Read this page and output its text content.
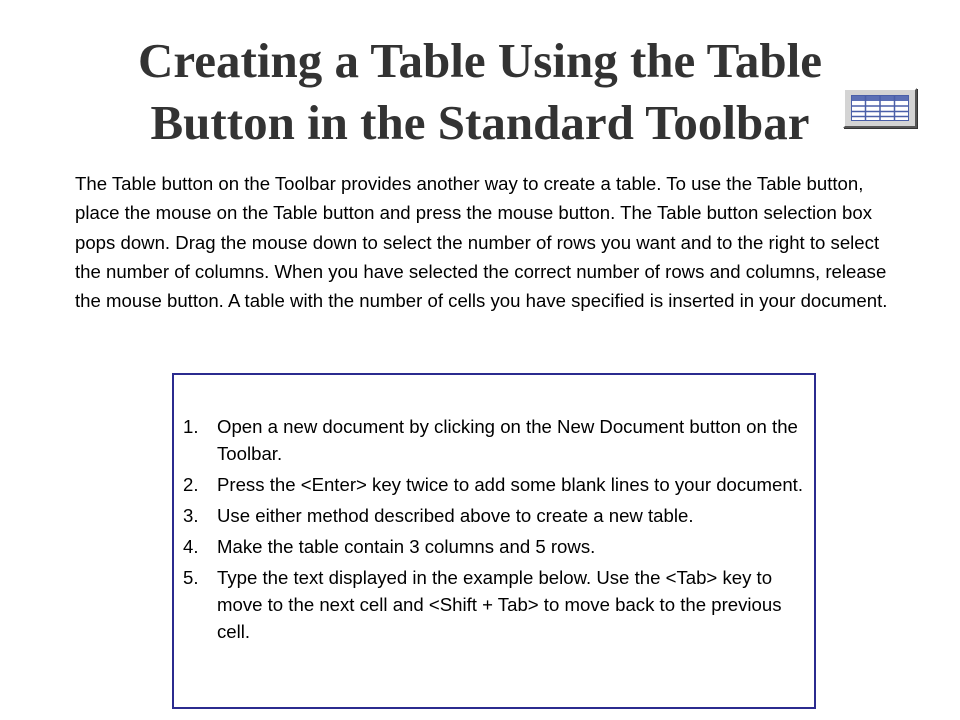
Creating a Table Using the Table
Button in the Standard Toolbar

The Table button on the Toolbar provides another way to create a table. To use the Table button, place the mouse on the Table button and press the mouse button. The Table button selection box pops down. Drag the mouse down to select the number of rows you want and to the right to select the number of columns. When you have selected the correct number of rows and columns, release the mouse button. A table with the number of cells you have specified is inserted in your document.

1. Open a new document by clicking on the New Document button on the Toolbar.
2. Press the <Enter> key twice to add some blank lines to your document.
3. Use either method described above to create a new table.
4. Make the table contain 3 columns and 5 rows.
5. Type the text displayed in the example below. Use the <Tab> key to move to the next cell and <Shift + Tab> to move back to the previous cell.
